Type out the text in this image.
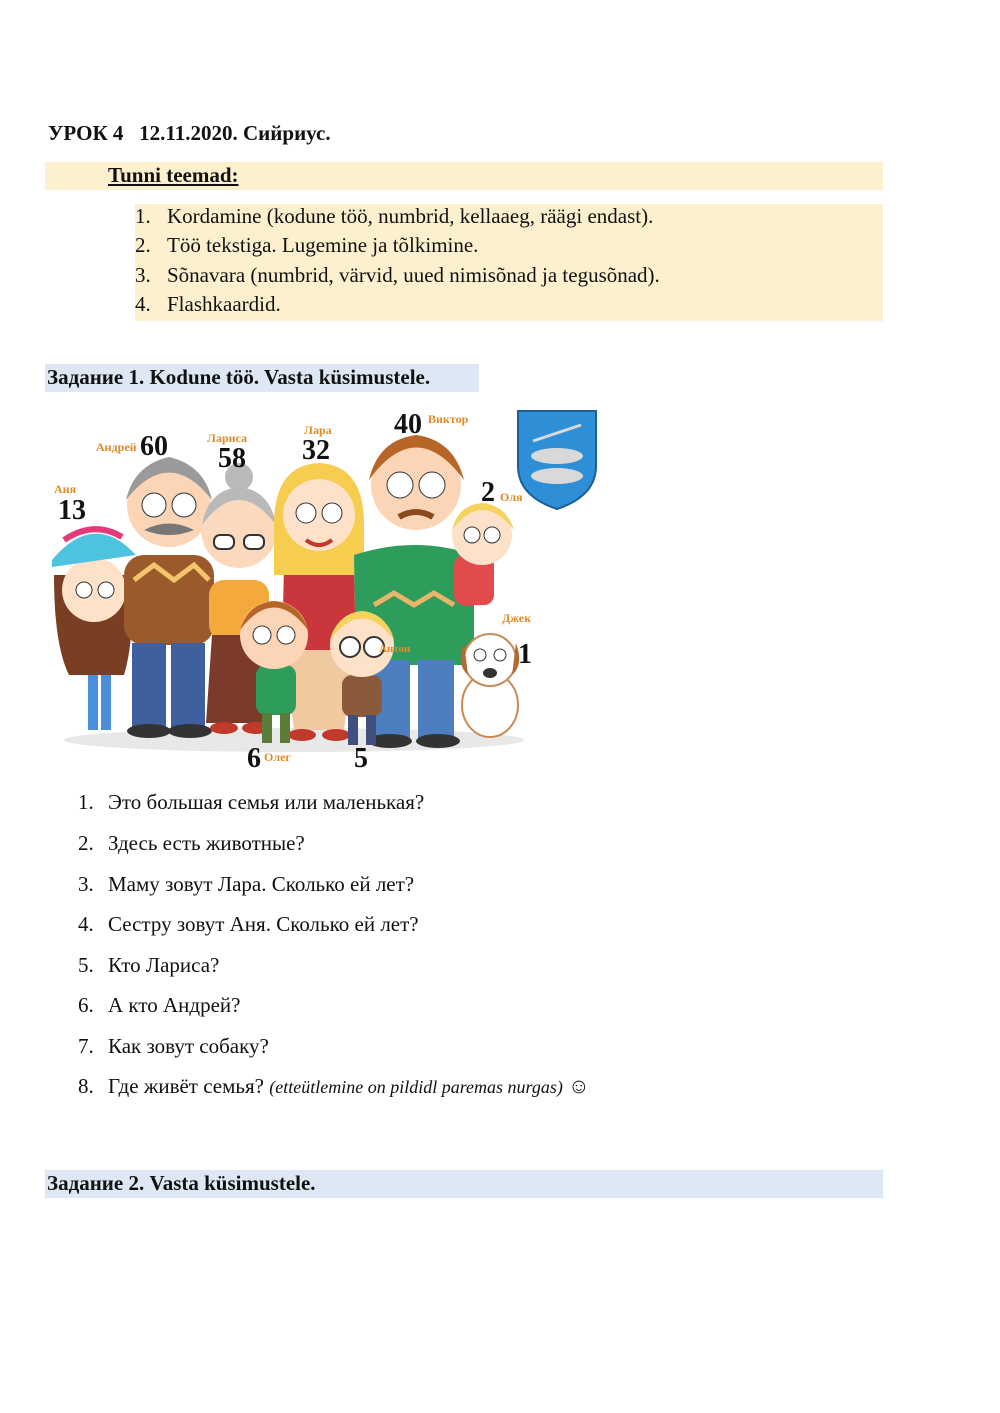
УРОК 4   12.11.2020. Сийриус.
Tunni teemad:
1. Kordamine (kodune töö, numbrid, kellaaeg, räägi endast).
2. Töö tekstiga. Lugemine ja tõlkimine.
3. Sõnavara (numbrid, värvid, uued nimisõnad ja tegusõnad).
4. Flashkaardid.
Задание 1. Kodune töö. Vasta küsimustele.
13
Аня
60
Андрей	58
Лариса 32
Лара 40 Виктор
2 Оля
1
Джек
6 Олег 5
Антон
1. Это большая семья или маленькая?
2. Здесь есть животные?
3. Маму зовут Лара. Сколько ей лет?
4. Сестру зовут Аня. Сколько ей лет?
5. Кто Лариса?
6. А кто Андрей?
7. Как зовут собаку?
8. Где живёт семья? (etteütlemine on pildidl paremas nurgas) ☺
Задание 2. Vasta küsimustele.
